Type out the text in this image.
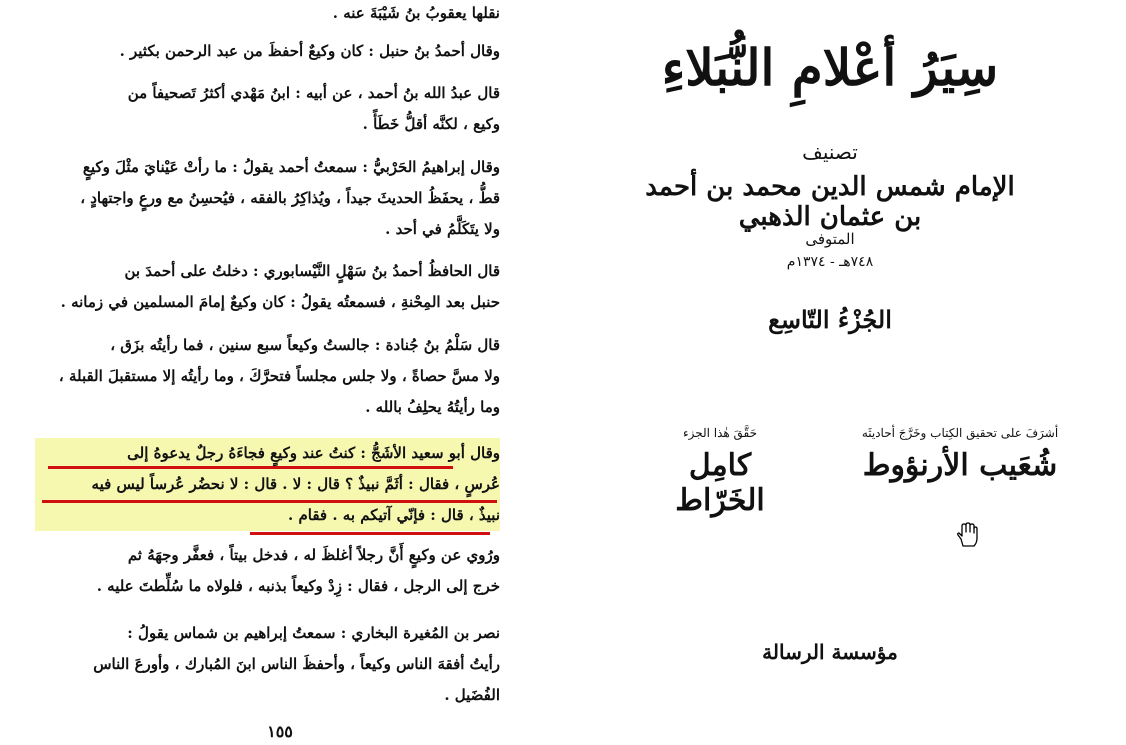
نقلها يعقوبُ بنُ شَيْبَةَ عنه .
وقال أحمدُ بنُ حنبل : كان وكيعٌ أحفظَ من عبد الرحمن بكثير .
قال عبدُ الله بنُ أحمد ، عن أبيه : ابنُ مَهْدي أكثرُ تَصحيفاً من
وكيع ، لكنَّه أقلُّ خَطَأً .
وقال إبراهيمُ الحَرْبيُّ : سمعتُ أحمد يقولُ : ما رأتْ عَيْنايَ مثْلَ وكيعٍ
قطُّ ، يحفَظُ الحديثَ جيداً ، ويُذاكِرُ بالفقه ، فيُحسِنُ مع ورعٍ واجتهادٍ ،
ولا يتَكَلَّمُ في أحد .
قال الحافظُ أحمدُ بنُ سَهْلٍ النَّيْسابوري : دخلتُ على أحمدَ بن
حنبل بعد المِحْنةِ ، فسمعتُه يقولُ : كان وكيعٌ إمامَ المسلمين في زمانه .
قال سَلْمُ بنُ جُنادة : جالستُ وكيعاً سبع سنين ، فما رأيتُه بزَق ،
ولا مسَّ حصاةً ، ولا جلس مجلساً فتحرَّكَ ، وما رأيتُه إلا مستقبلَ القبلة ،
وما رأيتُهُ يحلِفُ بالله .
وقال أبو سعيد الأشَجُّ : كنتُ عند وكيعٍ فجاءَهُ رجلٌ يدعوهُ إلى
عُرسٍ ، فقال : أثَمَّ نبيذٌ ؟ قال : لا . قال : لا نحضُر عُرساً ليس فيه
نبيذٌ ، قال : فإنّي آتيكم به . فقام .
ورُوي عن وكيعٍ أَنَّ رجلاً أغلظَ له ، فدخل بيتاً ، فعفَّر وجهَهُ ثم
خرج إلى الرجل ، فقال : زِدْ وكيعاً بذنبه ، فلولاه ما سُلِّطتَ عليه .
نصر بن المُغيرة البخاري : سمعتُ إبراهيم بن شماس يقولُ :
رأيتُ أفقهَ الناس وكيعاً ، وأحفظَ الناس ابنَ المُبارك ، وأورعَ الناس
الفُضَيل .
١٥٥
سِيَرُ أعْلامِ النُّبَلاءِ
تصنيف
الإمام شمس الدين محمد بن أحمد بن عثمان الذهبي
المتوفى
٧٤٨هـ - ١٣٧٤م
الجُزْءُ التّاسِع
أشرَفَ على تحقيق الكِتاب وخَرَّجَ أحاديثَه
شُعَيب الأرنؤوط
حَقَّقَ هٰذا الجزء
كامِل الخَرّاط
مؤسسة الرسالة
